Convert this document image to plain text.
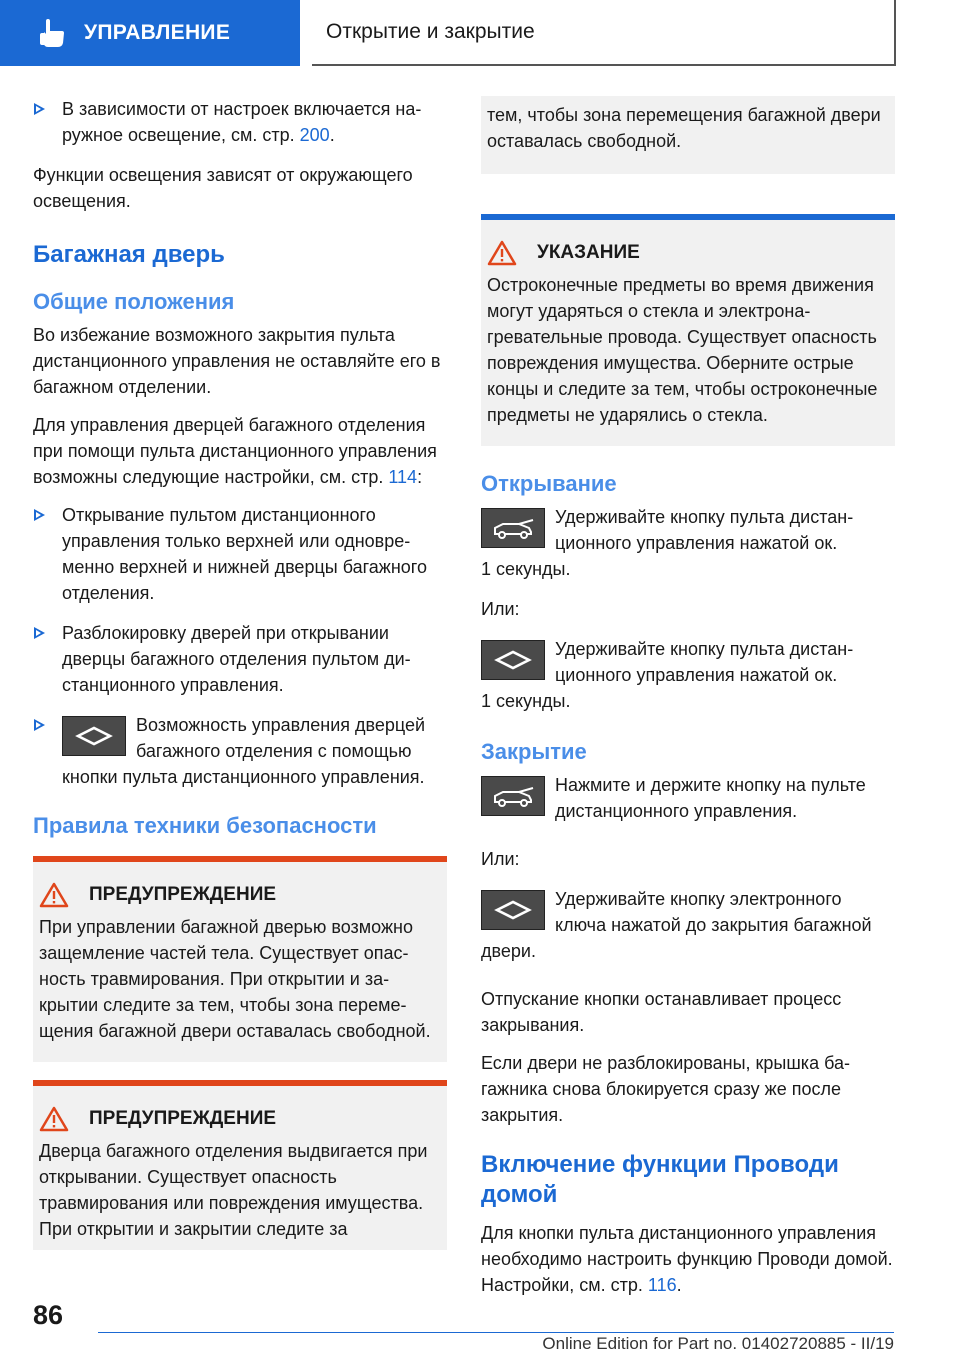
УПРАВЛЕНИЕ	Открытие и закрытие
В зависимости от настроек включается наружное освещение, см. стр. 200.

Функции освещения зависят от окружающего освещения.

Багажная дверь
Общие положения

Во избежание возможного закрытия пульта дистанционного управления не оставляйте его в багажном отделении.

Для управления дверцей багажного отделения при помощи пульта дистанционного управления возможны следующие настройки, см. стр. 114:

Открывание пультом дистанционного управления только верхней или одновременно верхней и нижней дверцы багажного отделения.
Разблокировку дверей при открывании дверцы багажного отделения пультом дистанционного управления.
Возможность управления дверцей багажного отделения с помощью
кнопки пульта дистанционного управления.
Правила техники безопасности
ПРЕДУПРЕЖДЕНИЕ

При управлении багажной дверью возможно защемление частей тела. Существует опасность травмирования. При открытии и закрытии следите за тем, чтобы зона перемещения багажной двери оставалась свободной.

ПРЕДУПРЕЖДЕНИЕ

Дверца багажного отделения выдвигается при открывании. Существует опасность травмирования или повреждения имущества. При открытии и закрытии следите за

тем, чтобы зона перемещения багажной двери оставалась свободной.

УКАЗАНИЕ

Остроконечные предметы во время движения могут ударяться о стекла и электронагревательные провода. Существует опасность повреждения имущества. Оберните острые концы и следите за тем, чтобы остроконечные предметы не ударялись о стекла.

Открывание
Удерживайте кнопку пульта дистанционного управления нажатой ок.
1 секунды.
Или:
Удерживайте кнопку пульта дистанционного управления нажатой ок.
1 секунды.
Закрытие
Нажмите и держите кнопку на пульте дистанционного управления.
Или:
Удерживайте кнопку электронного ключа нажатой до закрытия багажной
двери.

Отпускание кнопки останавливает процесс закрывания.

Если двери не разблокированы, крышка багажника снова блокируется сразу же после закрытия.

Включение функции Проводи домой

Для кнопки пульта дистанционного управления необходимо настроить функцию Проводи домой. Настройки, см. стр. 116.

86
Online Edition for Part no. 01402720885 - II/19
